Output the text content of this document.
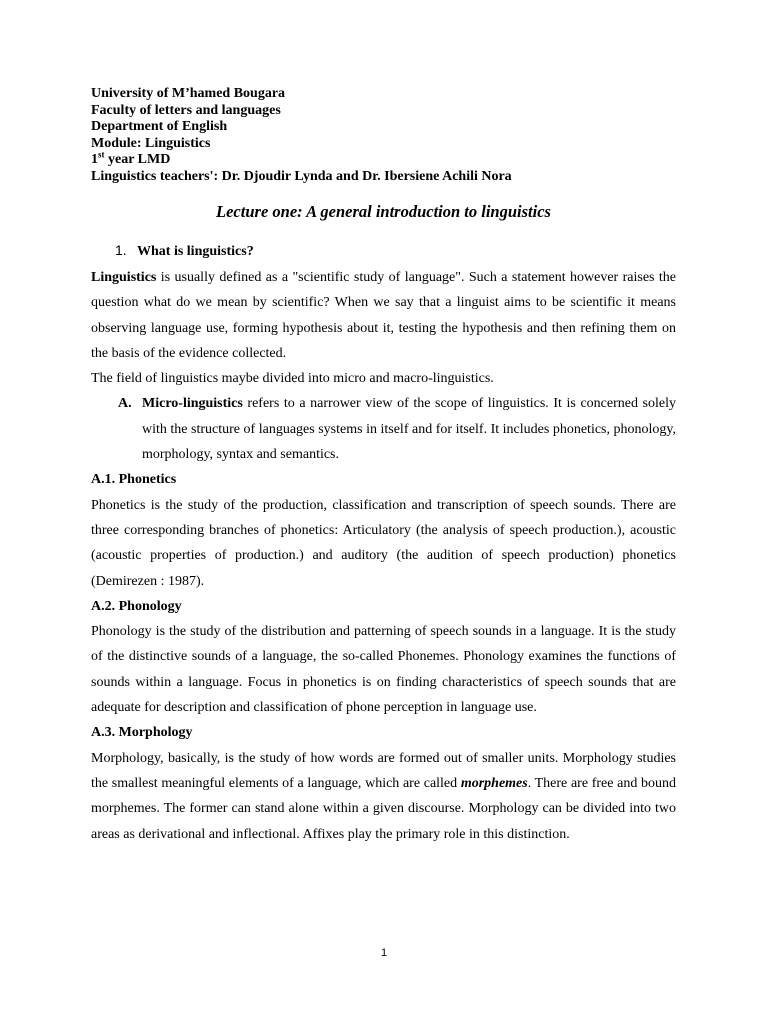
University of M’hamed Bougara

Faculty of letters and languages

Department of English

Module: Linguistics

1st year LMD

Linguistics teachers': Dr. Djoudir Lynda and Dr. Ibersiene Achili Nora

Lecture one: A general introduction to linguistics
1. What is linguistics?

Linguistics is usually defined as a "scientific study of language". Such a statement however raises the question what do we mean by scientific? When we say that a linguist aims to be scientific it means observing language use, forming hypothesis about it, testing the hypothesis and then refining them on the basis of the evidence collected.

The field of linguistics maybe divided into micro and macro-linguistics.

A. Micro-linguistics refers to a narrower view of the scope of linguistics. It is concerned solely with the structure of languages systems in itself and for itself. It includes phonetics, phonology, morphology, syntax and semantics.
A.1. Phonetics

Phonetics is the study of the production, classification and transcription of speech sounds. There are three corresponding branches of phonetics: Articulatory (the analysis of speech production.), acoustic (acoustic properties of production.) and auditory (the audition of speech production) phonetics (Demirezen : 1987).

A.2. Phonology

Phonology is the study of the distribution and patterning of speech sounds in a language. It is the study of the distinctive sounds of a language, the so-called Phonemes. Phonology examines the functions of sounds within a language. Focus in phonetics is on finding characteristics of speech sounds that are adequate for description and classification of phone perception in language use.

A.3. Morphology

Morphology, basically, is the study of how words are formed out of smaller units. Morphology studies the smallest meaningful elements of a language, which are called morphemes. There are free and bound morphemes. The former can stand alone within a given discourse. Morphology can be divided into two areas as derivational and inflectional. Affixes play the primary role in this distinction.

1
